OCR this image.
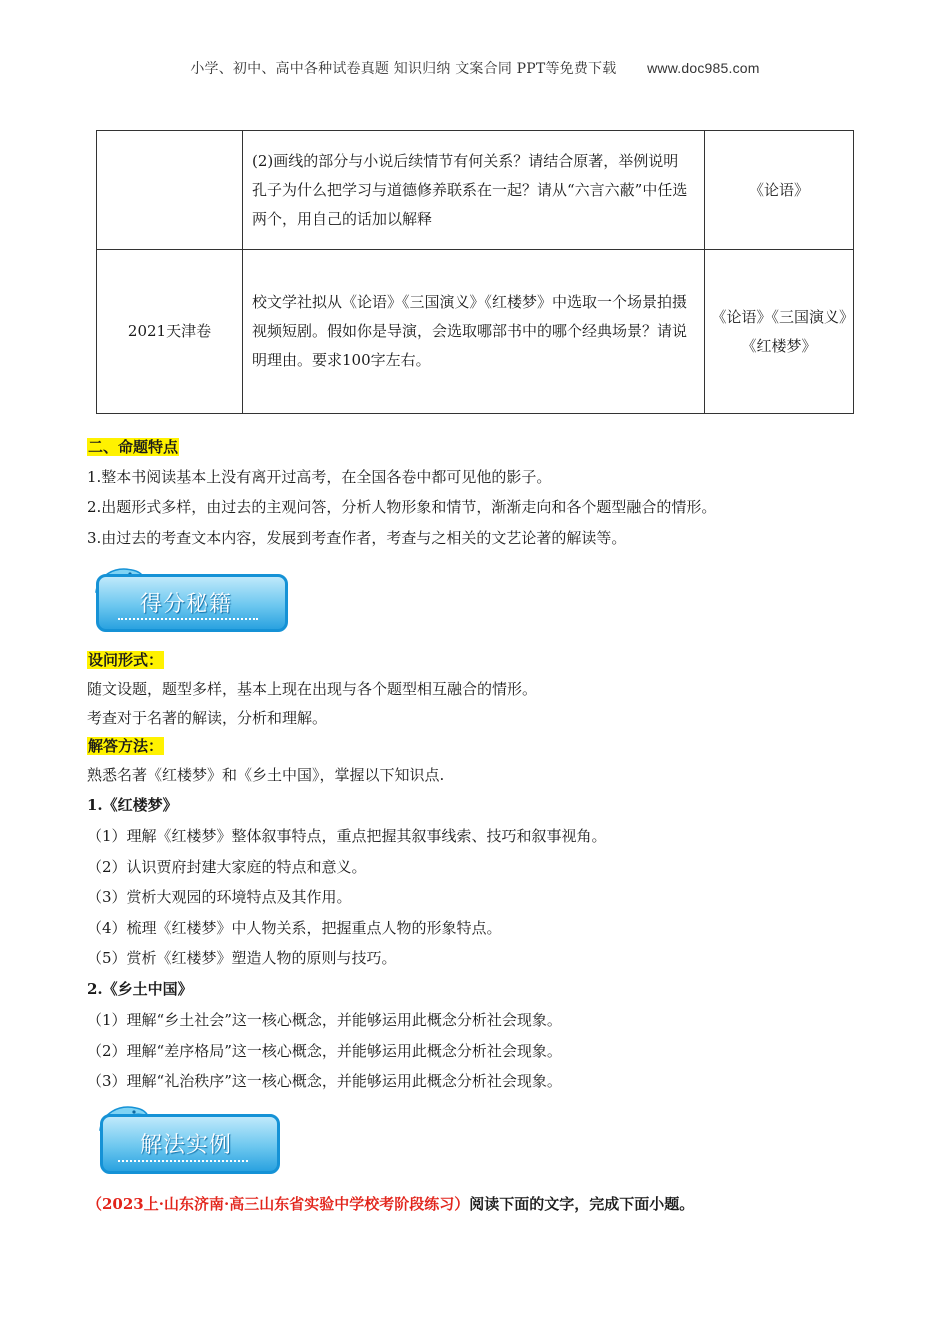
小学、初中、高中各种试卷真题 知识归纳 文案合同 PPT等免费下载 www.doc985.com

	(2)画线的部分与小说后续情节有何关系？请结合原著，举例说明
孔子为什么把学习与道德修养联系在一起？请从“六言六蔽”中任选两个，用自己的话加以解释	《论语》
2021天津卷	校文学社拟从《论语》《三国演义》《红楼梦》中选取一个场景拍摄视频短剧。假如你是导演，会选取哪部书中的哪个经典场景？请说明理由。要求100字左右。	《论语》《三国演义》《红楼梦》
二、命题特点
1.整本书阅读基本上没有离开过高考，在全国各卷中都可见他的影子。
2.出题形式多样，由过去的主观问答，分析人物形象和情节，渐渐走向和各个题型融合的情形。
3.由过去的考查文本内容，发展到考查作者，考查与之相关的文艺论著的解读等。
得分秘籍
设问形式：
随文设题，题型多样，基本上现在出现与各个题型相互融合的情形。
考查对于名著的解读，分析和理解。
解答方法：
熟悉名著《红楼梦》和《乡土中国》，掌握以下知识点.
1.《红楼梦》
（1）理解《红楼梦》整体叙事特点，重点把握其叙事线索、技巧和叙事视角。
（2）认识贾府封建大家庭的特点和意义。
（3）赏析大观园的环境特点及其作用。
（4）梳理《红楼梦》中人物关系，把握重点人物的形象特点。
（5）赏析《红楼梦》塑造人物的原则与技巧。
2.《乡土中国》
（1）理解“乡土社会”这一核心概念，并能够运用此概念分析社会现象。
（2）理解“差序格局”这一核心概念，并能够运用此概念分析社会现象。
（3）理解“礼治秩序”这一核心概念，并能够运用此概念分析社会现象。
解法实例
（2023上·山东济南·高三山东省实验中学校考阶段练习）阅读下面的文字，完成下面小题。
